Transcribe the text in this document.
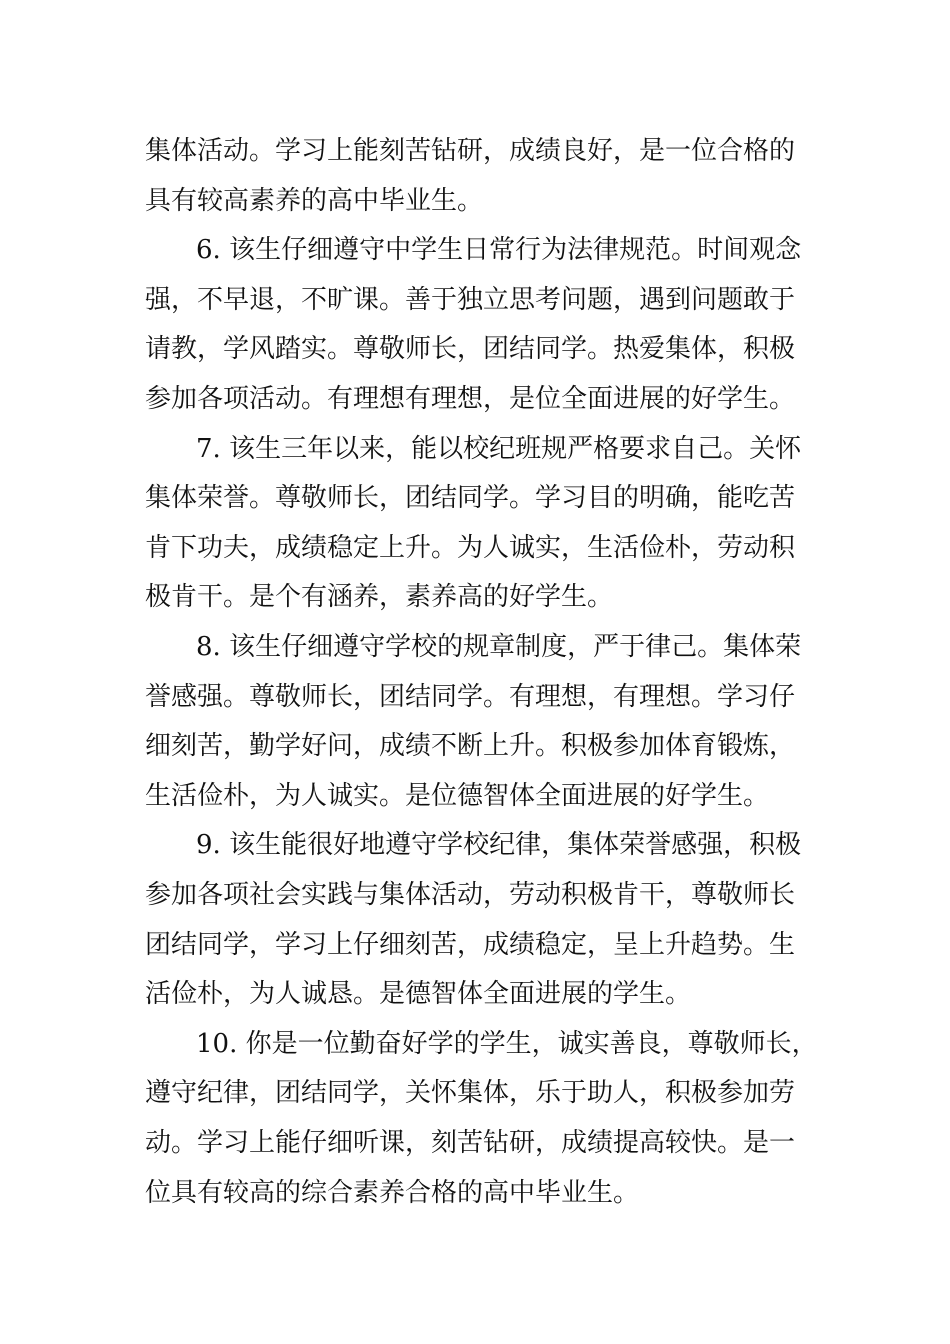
集体活动。学习上能刻苦钻研，成绩良好，是一位合格的
具有较高素养的高中毕业生。
6. 该生仔细遵守中学生日常行为法律规范。时间观念
强，不早退，不旷课。善于独立思考问题，遇到问题敢于
请教，学风踏实。尊敬师长，团结同学。热爱集体，积极
参加各项活动。有理想有理想，是位全面进展的好学生。
7. 该生三年以来，能以校纪班规严格要求自己。关怀
集体荣誉。尊敬师长，团结同学。学习目的明确，能吃苦
肯下功夫，成绩稳定上升。为人诚实，生活俭朴，劳动积
极肯干。是个有涵养，素养高的好学生。
8. 该生仔细遵守学校的规章制度，严于律己。集体荣
誉感强。尊敬师长，团结同学。有理想，有理想。学习仔
细刻苦，勤学好问，成绩不断上升。积极参加体育锻炼，
生活俭朴，为人诚实。是位德智体全面进展的好学生。
9. 该生能很好地遵守学校纪律，集体荣誉感强，积极
参加各项社会实践与集体活动，劳动积极肯干，尊敬师长
团结同学，学习上仔细刻苦，成绩稳定，呈上升趋势。生
活俭朴，为人诚恳。是德智体全面进展的学生。
10. 你是一位勤奋好学的学生，诚实善良，尊敬师长，
遵守纪律，团结同学，关怀集体，乐于助人，积极参加劳
动。学习上能仔细听课，刻苦钻研，成绩提高较快。是一
位具有较高的综合素养合格的高中毕业生。
